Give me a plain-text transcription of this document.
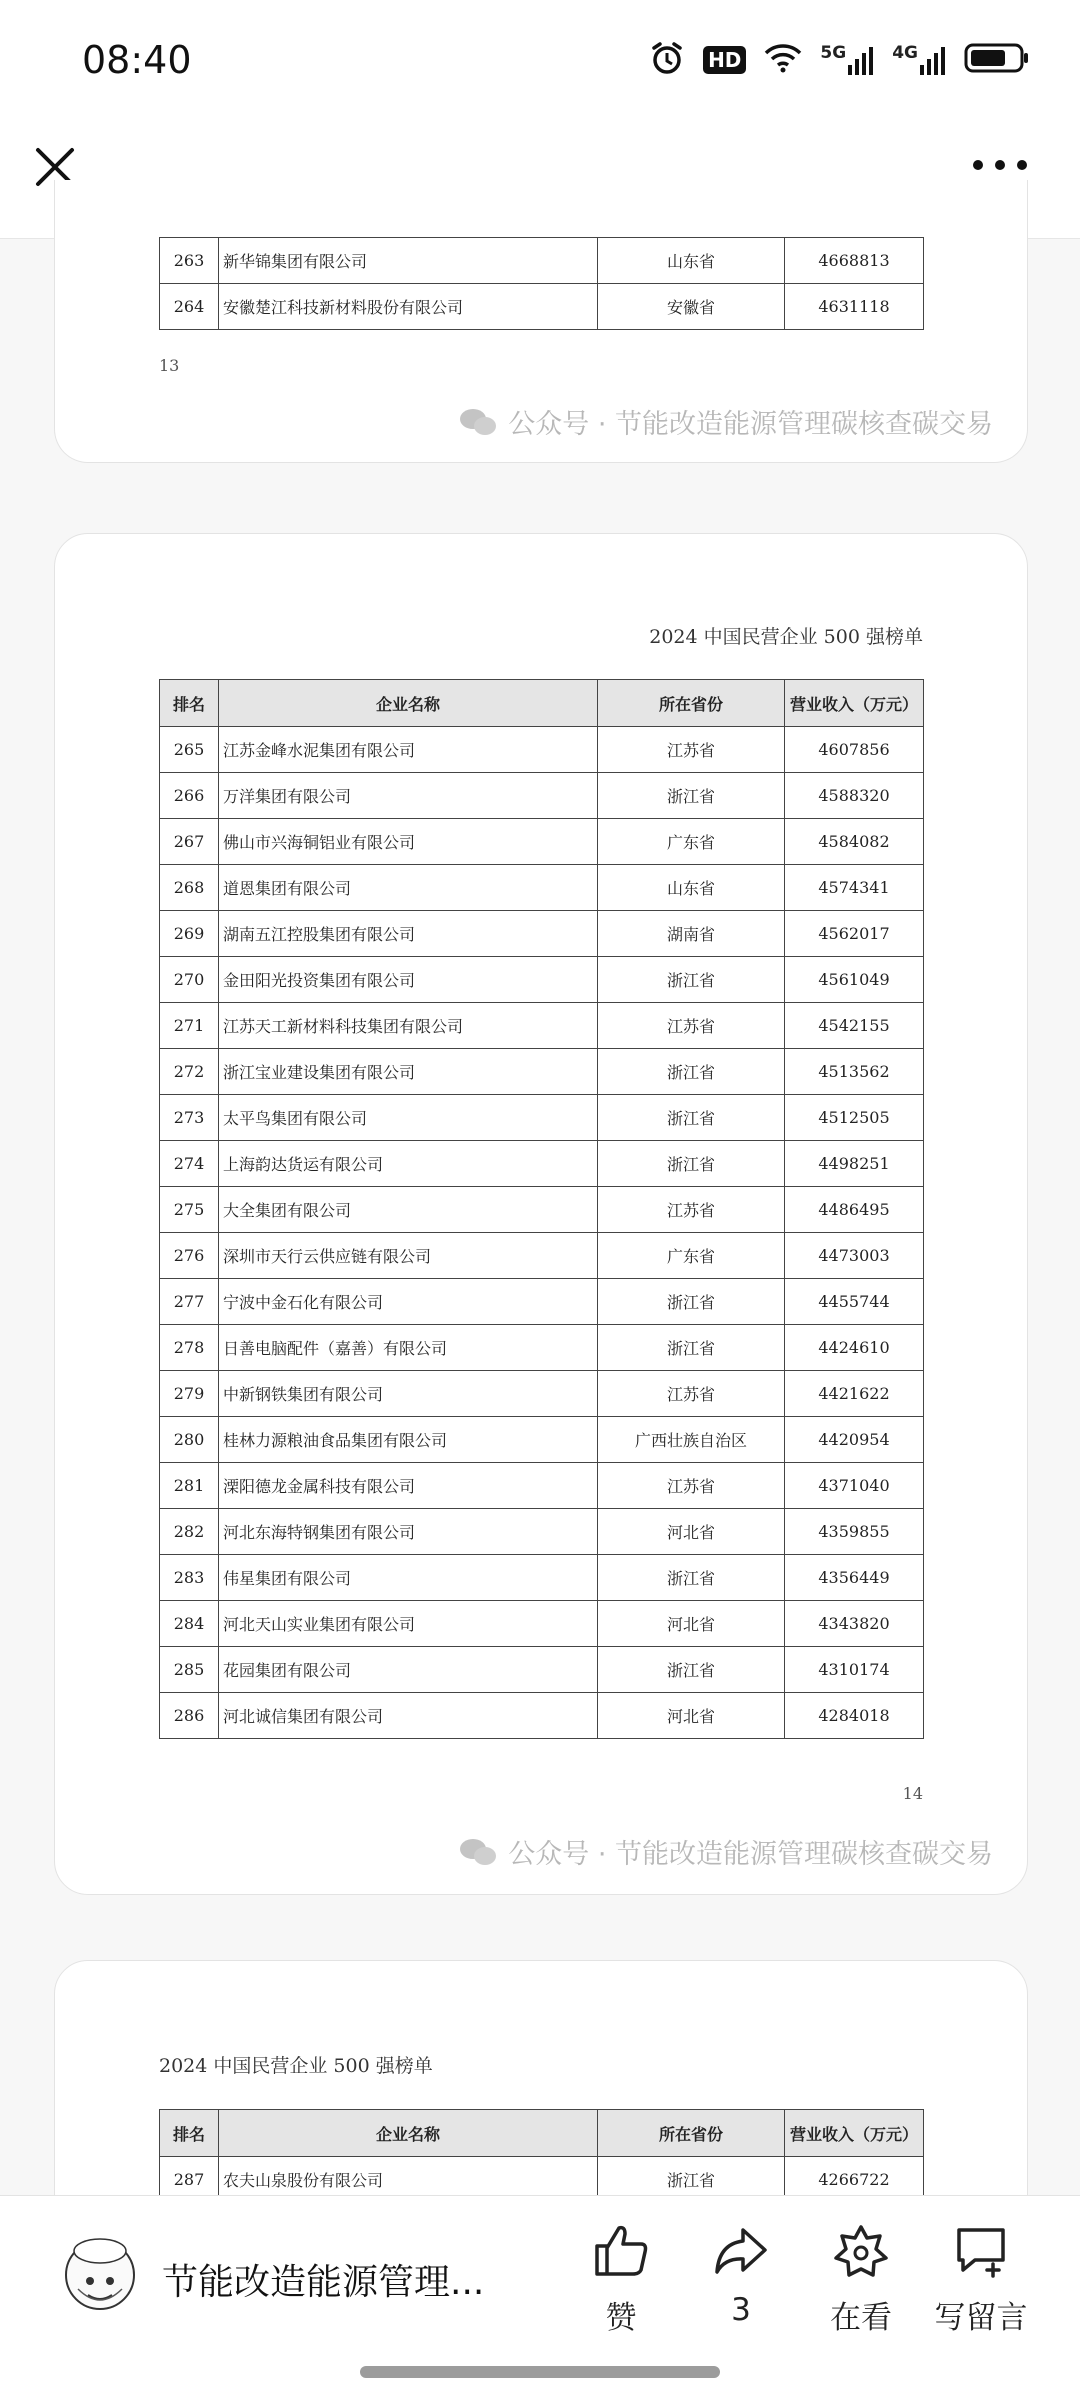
08:40	HD	5G	4G
263	新华锦集团有限公司	山东省	4668813
264	安徽楚江科技新材料股份有限公司	安徽省	4631118
13
公众号 · 节能改造能源管理碳核查碳交易
2024 中国民营企业 500 强榜单
排名	企业名称	所在省份	营业收入（万元）
265	江苏金峰水泥集团有限公司	江苏省	4607856
266	万洋集团有限公司	浙江省	4588320
267	佛山市兴海铜铝业有限公司	广东省	4584082
268	道恩集团有限公司	山东省	4574341
269	湖南五江控股集团有限公司	湖南省	4562017
270	金田阳光投资集团有限公司	浙江省	4561049
271	江苏天工新材料科技集团有限公司	江苏省	4542155
272	浙江宝业建设集团有限公司	浙江省	4513562
273	太平鸟集团有限公司	浙江省	4512505
274	上海韵达货运有限公司	浙江省	4498251
275	大全集团有限公司	江苏省	4486495
276	深圳市天行云供应链有限公司	广东省	4473003
277	宁波中金石化有限公司	浙江省	4455744
278	日善电脑配件（嘉善）有限公司	浙江省	4424610
279	中新钢铁集团有限公司	江苏省	4421622
280	桂林力源粮油食品集团有限公司	广西壮族自治区	4420954
281	溧阳德龙金属科技有限公司	江苏省	4371040
282	河北东海特钢集团有限公司	河北省	4359855
283	伟星集团有限公司	浙江省	4356449
284	河北天山实业集团有限公司	河北省	4343820
285	花园集团有限公司	浙江省	4310174
286	河北诚信集团有限公司	河北省	4284018
14
公众号 · 节能改造能源管理碳核查碳交易
2024 中国民营企业 500 强榜单
排名	企业名称	所在省份	营业收入（万元）
287	农夫山泉股份有限公司	浙江省	4266722
节能改造能源管理...
赞	3	在看	写留言
